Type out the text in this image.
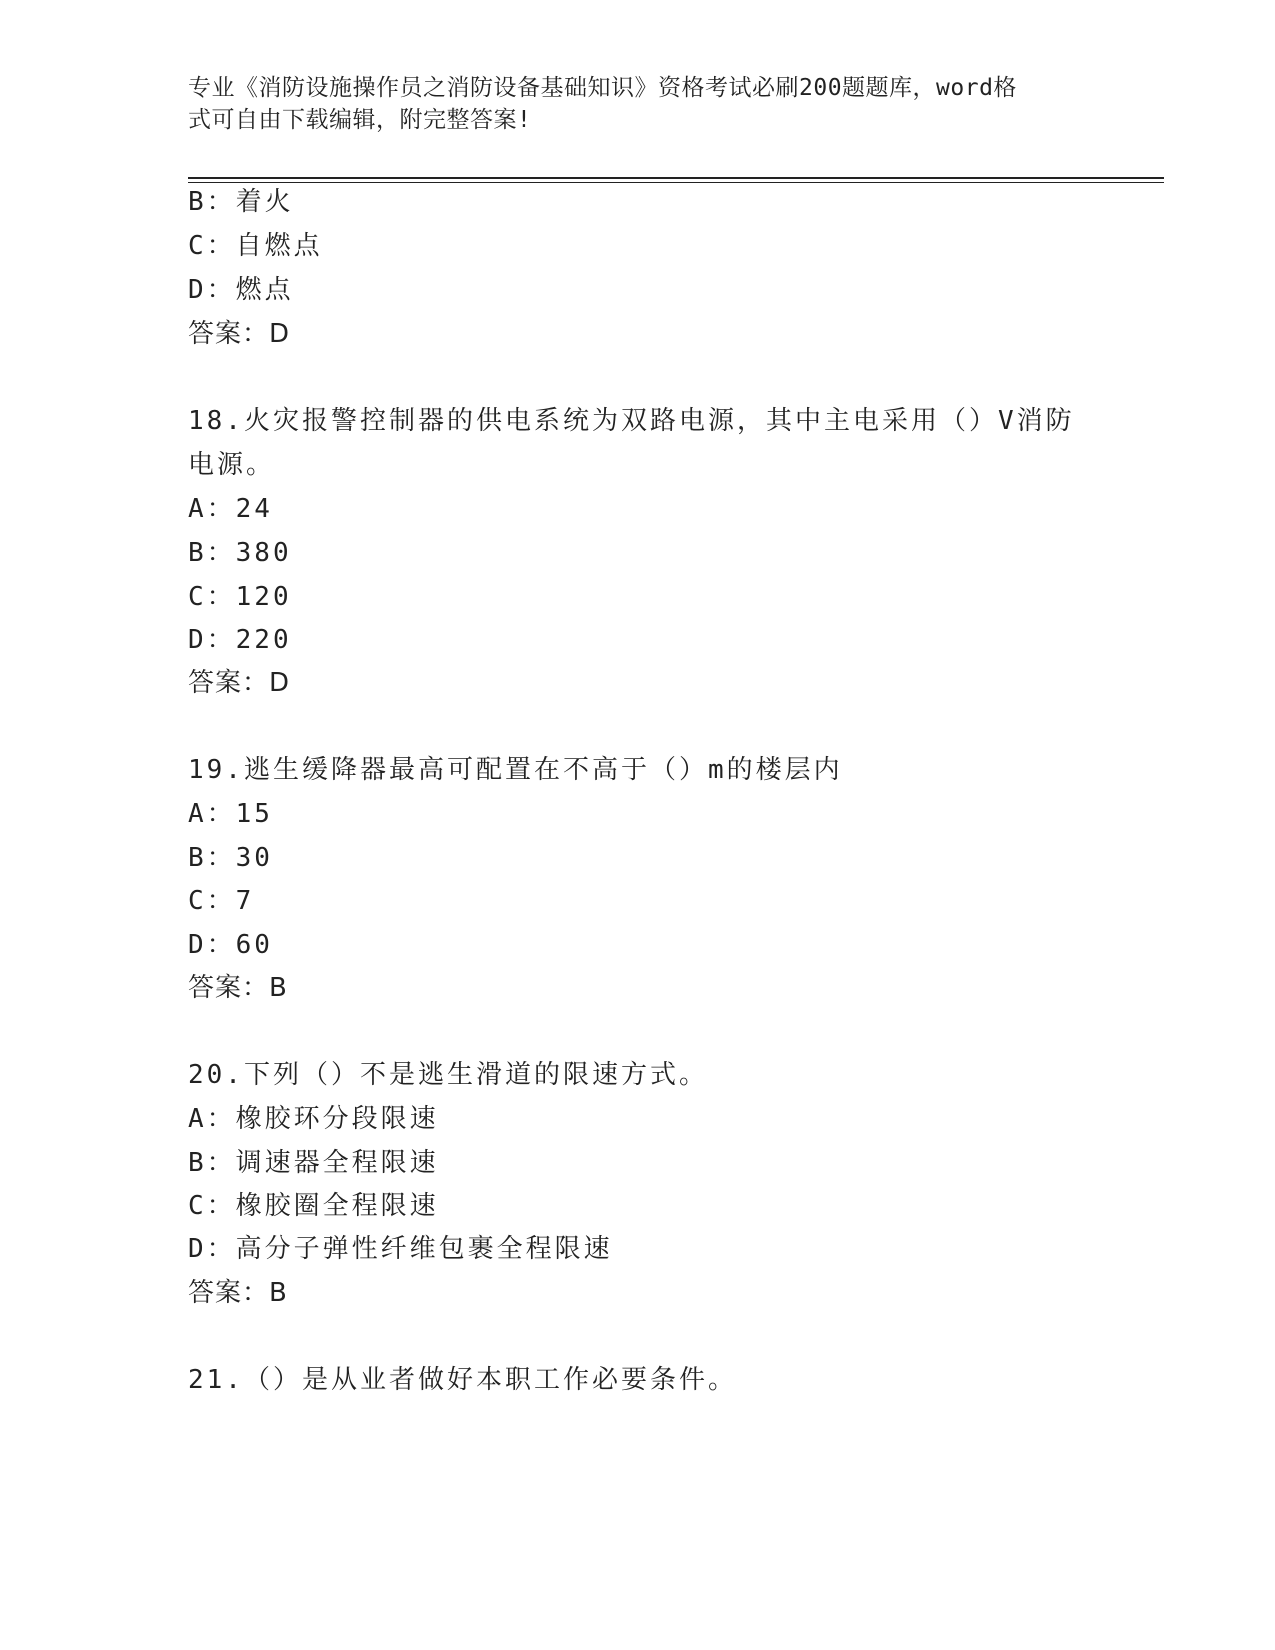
专业《消防设施操作员之消防设备基础知识》资格考试必刷200题题库，word格
式可自由下载编辑，附完整答案!
B：着火
C：自燃点
D：燃点
答案：D
18.火灾报警控制器的供电系统为双路电源，其中主电采用（）V消防
电源。
A：24
B：380
C：120
D：220
答案：D
19.逃生缓降器最高可配置在不高于（）m的楼层内
A：15
B：30
C：7
D：60
答案：B
20.下列（）不是逃生滑道的限速方式。
A：橡胶环分段限速
B：调速器全程限速
C：橡胶圈全程限速
D：高分子弹性纤维包裹全程限速
答案：B
21.（）是从业者做好本职工作必要条件。
